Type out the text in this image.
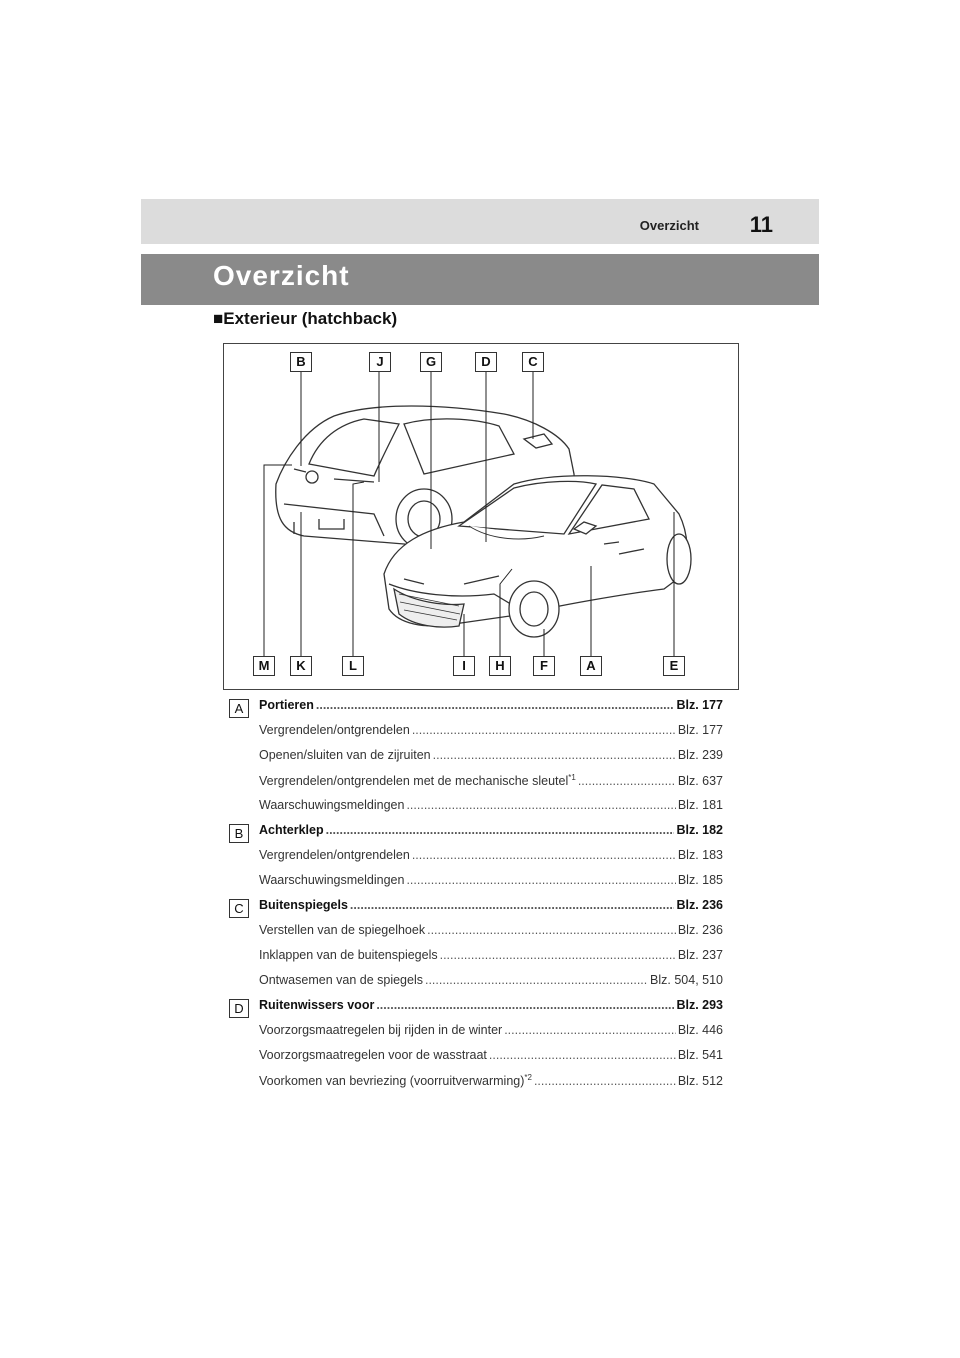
Overzicht 11
Overzicht
■Exterieur (hatchback)
B	J	G	D	C
M	K	L	I	H	F	A	E
A	Portieren .....	Blz. 177
Vergrendelen/ontgrendelen .....	Blz. 177
Openen/sluiten van de zijruiten .....	Blz. 239
Vergrendelen/ontgrendelen met de mechanische sleutel$^{*1}$ .....	Blz. 637
Waarschuwingsmeldingen .....	Blz. 181
B	Achterklep .....	Blz. 182
Vergrendelen/ontgrendelen .....	Blz. 183
Waarschuwingsmeldingen .....	Blz. 185
C	Buitenspiegels .....	Blz. 236
Verstellen van de spiegelhoek .....	Blz. 236
Inklappen van de buitenspiegels .....	Blz. 237
Ontwasemen van de spiegels .....	Blz. 504, 510
D	Ruitenwissers voor .....	Blz. 293
Voorzorgsmaatregelen bij rijden in de winter .....	Blz. 446
Voorzorgsmaatregelen voor de wasstraat .....	Blz. 541
Voorkomen van bevriezing (voorruitverwarming)$^{*2}$ .....	Blz. 512
